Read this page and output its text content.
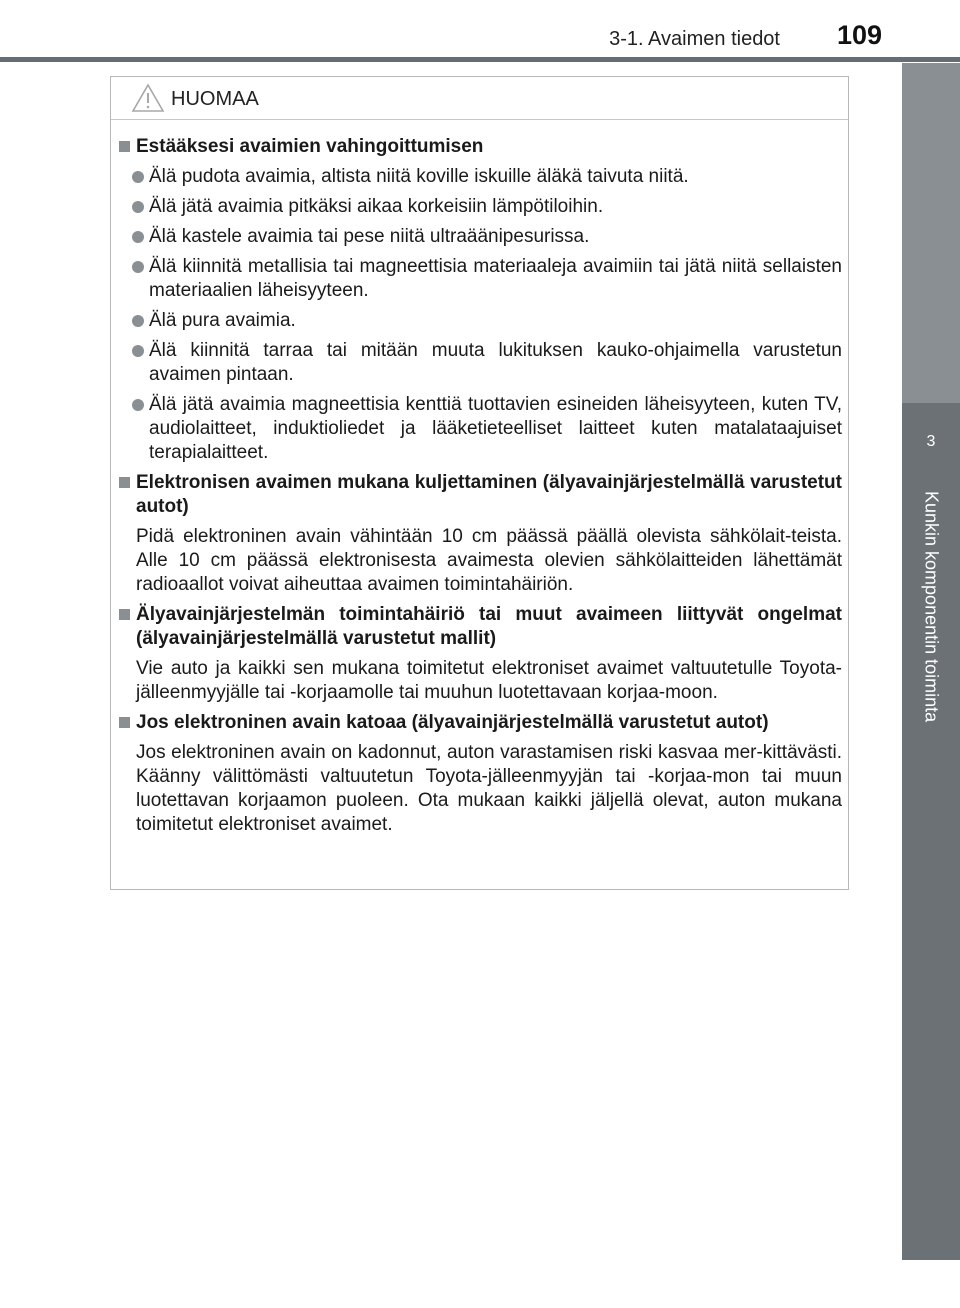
3-1. Avaimen tiedot 109
3
Kunkin komponentin toiminta
HUOMAA
Estääksesi avaimien vahingoittumisen
Älä pudota avaimia, altista niitä koville iskuille äläkä taivuta niitä.
Älä jätä avaimia pitkäksi aikaa korkeisiin lämpötiloihin.
Älä kastele avaimia tai pese niitä ultraäänipesurissa.
Älä kiinnitä metallisia tai magneettisia materiaaleja avaimiin tai jätä niitä sellaisten materiaalien läheisyyteen.
Älä pura avaimia.
Älä kiinnitä tarraa tai mitään muuta lukituksen kauko-ohjaimella varustetun avaimen pintaan.
Älä jätä avaimia magneettisia kenttiä tuottavien esineiden läheisyyteen, kuten TV, audiolaitteet, induktioliedet ja lääketieteelliset laitteet kuten matalataajuiset terapialaitteet.
Elektronisen avaimen mukana kuljettaminen (älyavainjärjestelmällä varustetut autot)
Pidä elektroninen avain vähintään 10 cm päässä päällä olevista sähkölait-teista. Alle 10 cm päässä elektronisesta avaimesta olevien sähkölaitteiden lähettämät radioaallot voivat aiheuttaa avaimen toimintahäiriön.
Älyavainjärjestelmän toimintahäiriö tai muut avaimeen liittyvät ongelmat (älyavainjärjestelmällä varustetut mallit)
Vie auto ja kaikki sen mukana toimitetut elektroniset avaimet valtuutetulle Toyota-jälleenmyyjälle tai -korjaamolle tai muuhun luotettavaan korjaa-moon.
Jos elektroninen avain katoaa (älyavainjärjestelmällä varustetut autot)
Jos elektroninen avain on kadonnut, auton varastamisen riski kasvaa mer-kittävästi. Käänny välittömästi valtuutetun Toyota-jälleenmyyjän tai -korjaa-mon tai muun luotettavan korjaamon puoleen. Ota mukaan kaikki jäljellä olevat, auton mukana toimitetut elektroniset avaimet.
